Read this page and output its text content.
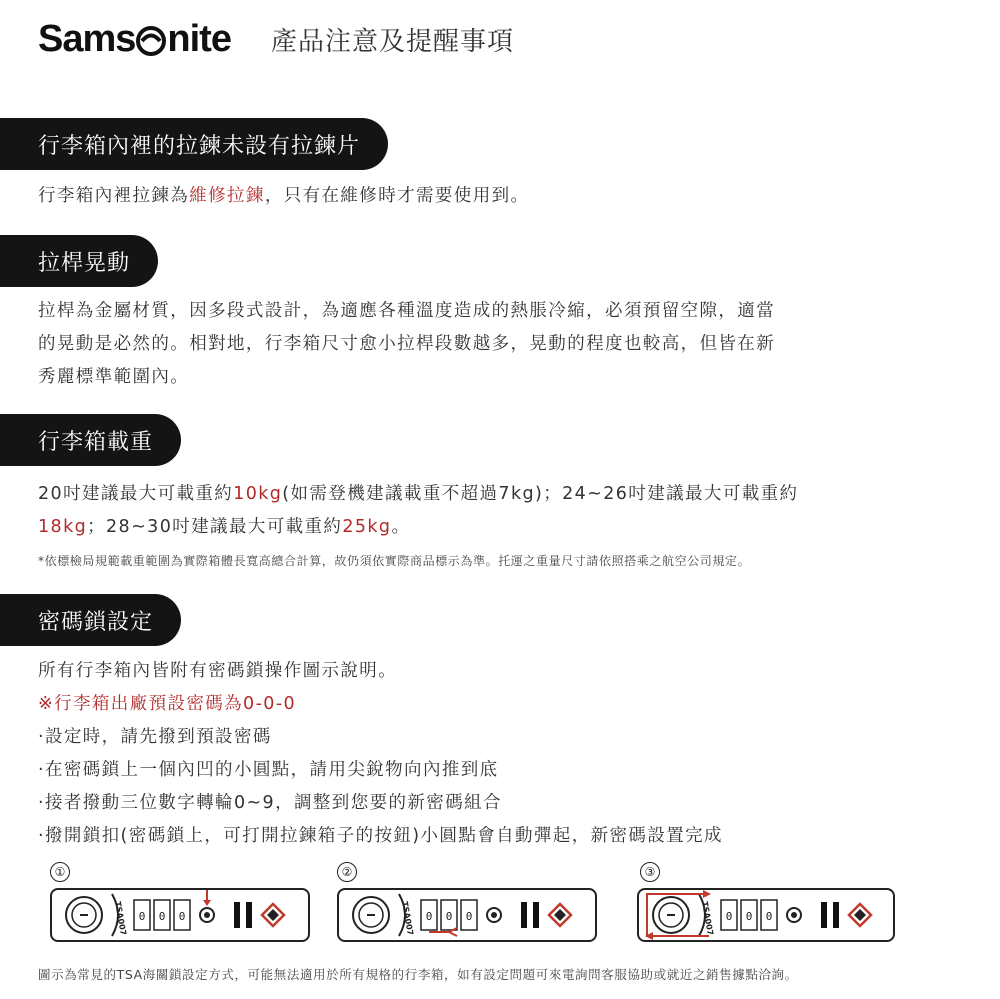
Sams nite 產品注意及提醒事項
行李箱內裡的拉鍊未設有拉鍊片
行李箱內裡拉鍊為維修拉鍊，只有在維修時才需要使用到。
拉桿晃動
拉桿為金屬材質，因多段式設計，為適應各種溫度造成的熱脹冷縮，必須預留空隙，適當
的晃動是必然的。相對地，行李箱尺寸愈小拉桿段數越多，晃動的程度也較高，但皆在新
秀麗標準範圍內。
行李箱載重
20吋建議最大可載重約10kg(如需登機建議載重不超過7kg)；24~26吋建議最大可載重約
18kg；28~30吋建議最大可載重約25kg。
*依標檢局規範載重範圍為實際箱體長寬高總合計算，故仍須依實際商品標示為準。托運之重量尺寸請依照搭乘之航空公司規定。
密碼鎖設定
所有行李箱內皆附有密碼鎖操作圖示說明。
※行李箱出廠預設密碼為0-0-0
·設定時，請先撥到預設密碼
·在密碼鎖上一個內凹的小圓點，請用尖銳物向內推到底
·接者撥動三位數字轉輪0~9，調整到您要的新密碼組合
·撥開鎖扣(密碼鎖上，可打開拉鍊箱子的按鈕)小圓點會自動彈起，新密碼設置完成
①	②	③
TSA007 0 0 0	TSA007 0 0 0	TSA007 0 0 0
圖示為常見的TSA海關鎖設定方式，可能無法適用於所有規格的行李箱，如有設定問題可來電詢問客服協助或就近之銷售據點洽詢。
